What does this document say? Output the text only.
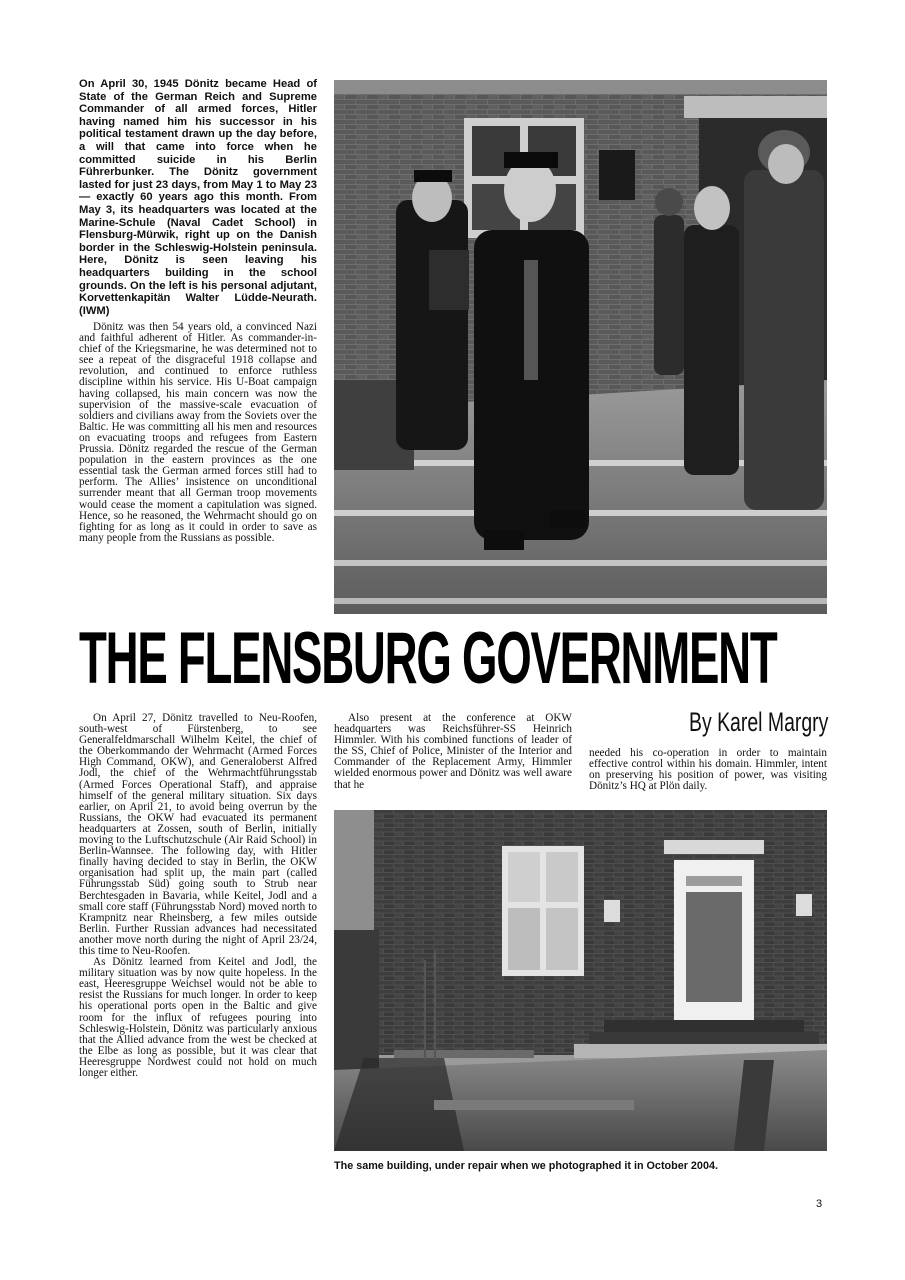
On April 30, 1945 Dönitz became Head of State of the German Reich and Supreme Commander of all armed forces, Hitler having named him his successor in his political testament drawn up the day before, a will that came into force when he committed suicide in his Berlin Führerbunker. The Dönitz government lasted for just 23 days, from May 1 to May 23 — exactly 60 years ago this month. From May 3, its headquarters was located at the Marine-Schule (Naval Cadet School) in Flensburg-Mürwik, right up on the Danish border in the Schleswig-Holstein peninsula. Here, Dönitz is seen leaving his headquarters building in the school grounds. On the left is his personal adjutant, Korvettenkapitän Walter Lüdde-Neurath. (IWM)

Dönitz was then 54 years old, a convinced Nazi and faithful adherent of Hitler. As commander-in-chief of the Kriegsmarine, he was determined not to see a repeat of the disgraceful 1918 collapse and revolution, and continued to enforce ruthless discipline within his service. His U-Boat campaign having collapsed, his main concern was now the supervision of the massive-scale evacuation of soldiers and civilians away from the Soviets over the Baltic. He was committing all his men and resources on evacuating troops and refugees from Eastern Prussia. Dönitz regarded the rescue of the German population in the eastern provinces as the one essential task the German armed forces still had to perform. The Allies’ insistence on unconditional surrender meant that all German troop movements would cease the moment a capitulation was signed. Hence, so he reasoned, the Wehrmacht should go on fighting for as long as it could in order to save as many people from the Russians as possible.

THE FLENSBURG GOVERNMENT

By Karel Margry

On April 27, Dönitz travelled to Neu-Roofen, south-west of Fürstenberg, to see Generalfeldmarschall Wilhelm Keitel, the chief of the Oberkommando der Wehrmacht (Armed Forces High Command, OKW), and Generaloberst Alfred Jodl, the chief of the Wehrmachtführungsstab (Armed Forces Operational Staff), and appraise himself of the general military situation. Six days earlier, on April 21, to avoid being overrun by the Russians, the OKW had evacuated its permanent headquarters at Zossen, south of Berlin, initially moving to the Luftschutzschule (Air Raid School) in Berlin-Wannsee. The following day, with Hitler finally having decided to stay in Berlin, the OKW organisation had split up, the main part (called Führungsstab Süd) going south to Strub near Berchtesgaden in Bavaria, while Keitel, Jodl and a small core staff (Führungsstab Nord) moved north to Krampnitz near Rheinsberg, a few miles outside Berlin. Further Russian advances had necessitated another move north during the night of April 23/24, this time to Neu-Roofen.

As Dönitz learned from Keitel and Jodl, the military situation was by now quite hopeless. In the east, Heeresgruppe Weichsel would not be able to resist the Russians for much longer. In order to keep his operational ports open in the Baltic and give room for the influx of refugees pouring into Schleswig-Holstein, Dönitz was particularly anxious that the Allied advance from the west be checked at the Elbe as long as possible, but it was clear that Heeresgruppe Nordwest could not hold on much longer either.

Also present at the conference at OKW headquarters was Reichsführer-SS Heinrich Himmler. With his combined functions of leader of the SS, Chief of Police, Minister of the Interior and Commander of the Replacement Army, Himmler wielded enormous power and Dönitz was well aware that he

needed his co-operation in order to maintain effective control within his domain. Himmler, intent on preserving his position of power, was visiting Dönitz’s HQ at Plön daily.

The same building, under repair when we photographed it in October 2004.

3
